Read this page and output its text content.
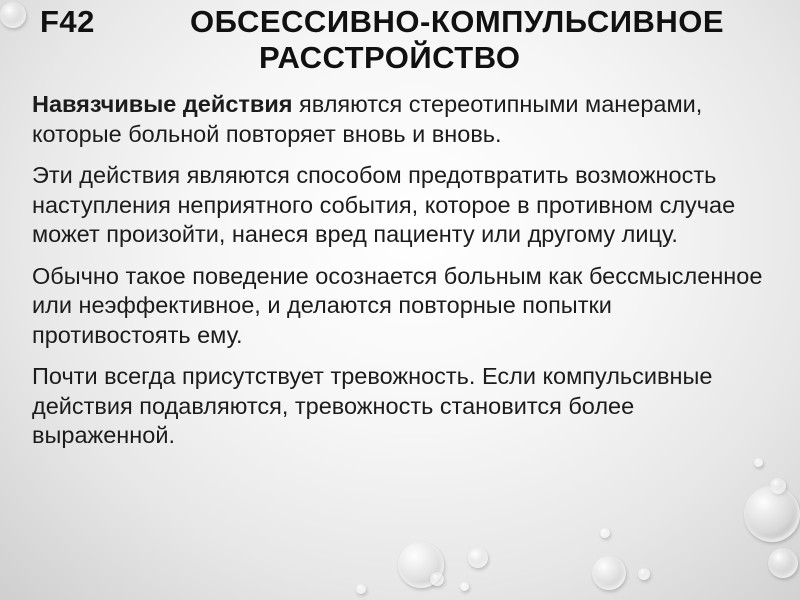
F42	ОБСЕССИВНО-КОМПУЛЬСИВНОЕ
РАССТРОЙСТВО

Навязчивые действия являются стереотипными манерами, которые больной повторяет вновь и вновь.

Эти действия являются способом предотвратить возможность наступления неприятного события, которое в противном случае может произойти, нанеся вред пациенту или другому лицу.

Обычно такое поведение осознается больным как бессмысленное или неэффективное, и делаются повторные попытки противостоять ему.

Почти всегда присутствует тревожность. Если компульсивные действия подавляются, тревожность становится более выраженной.
